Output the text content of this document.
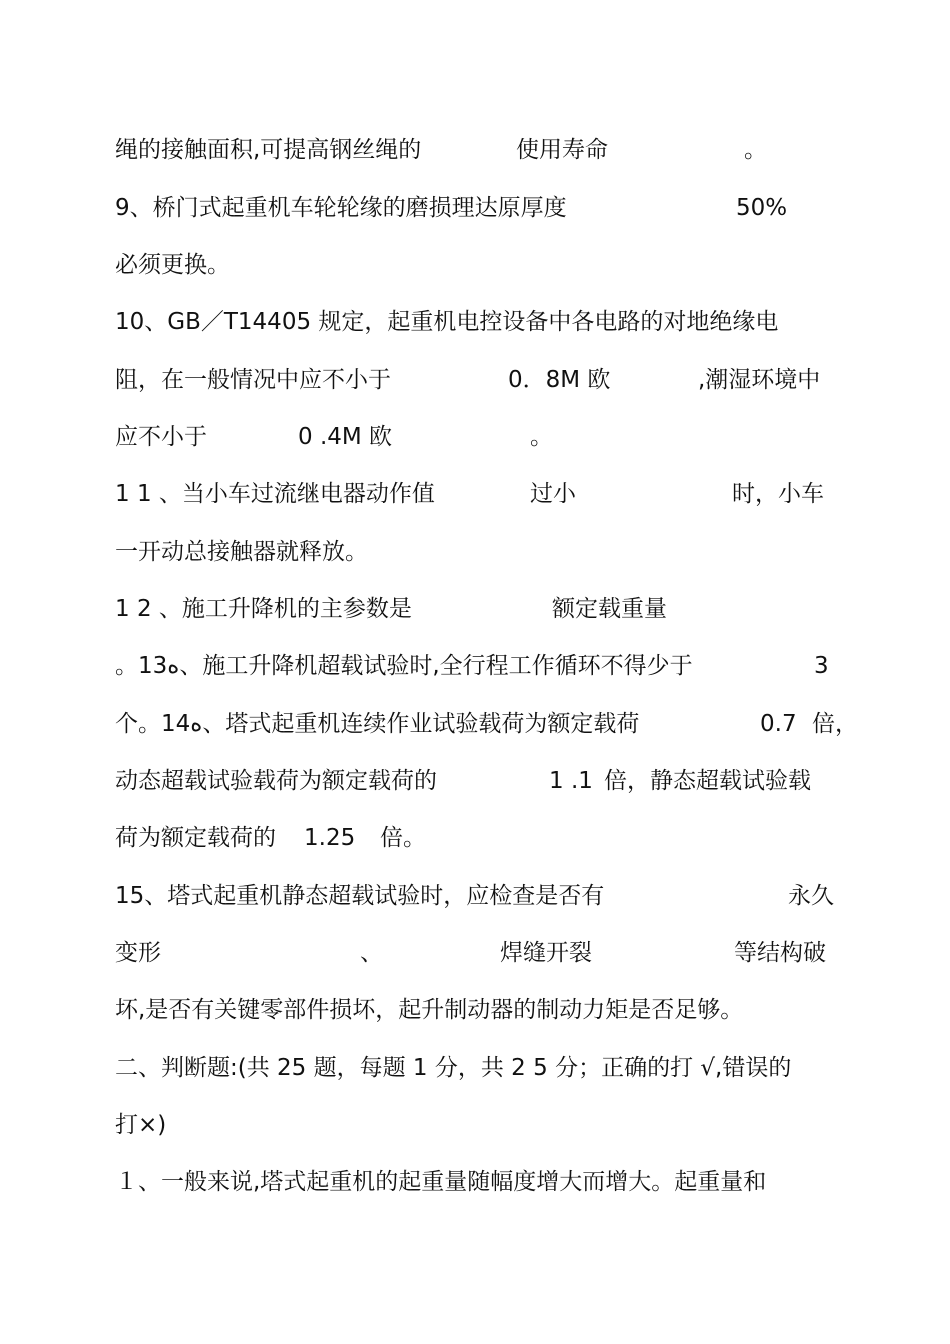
绳的接触面积,可提高钢丝绳的	使用寿命	。
9、桥门式起重机车轮轮缘的磨损理达原厚度	50%
必须更换。
10、GB／T14405 规定，起重机电控设备中各电路的对地绝缘电
阻，在一般情况中应不小于	0．8M 欧	,潮湿环境中
应不小于	0 .4M 欧	。
1 1 、当小车过流继电器动作值	过小	时，小车
一开动总接触器就释放。
1 2 、施工升降机的主参数是	额定载重量
。13ﻩ、施工升降机超载试验时,全行程工作循环不得少于	3
个。14ﻩ、塔式起重机连续作业试验载荷为额定载荷	0.7 倍，
动态超载试验载荷为额定载荷的	1 .1 倍，静态超载试验载
荷为额定载荷的 1.25 倍。
15、塔式起重机静态超载试验时，应检查是否有	永久
变形	、	焊缝开裂	等结构破
坏,是否有关键零部件损坏，起升制动器的制动力矩是否足够。
二、判断题:(共 25 题，每题 1 分，共 2 5 分；正确的打 √,错误的
打×)
１、一般来说,塔式起重机的起重量随幅度增大而增大。起重量和
